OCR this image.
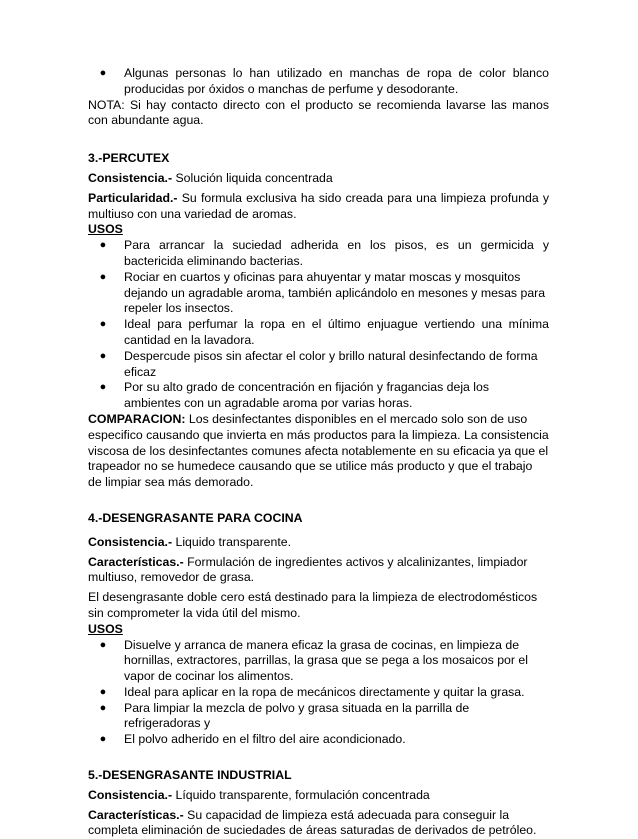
●	Algunas personas lo han utilizado en manchas de ropa de color blanco producidas por óxidos o manchas de perfume y desodorante.

NOTA: Si hay contacto directo con el producto se recomienda lavarse las manos con abundante agua.

3.-PERCUTEX

Consistencia.- Solución liquida concentrada

Particularidad.- Su formula exclusiva ha sido creada para una limpieza profunda y multiuso con una variedad de aromas.

USOS

●	Para arrancar la suciedad adherida en los pisos, es un germicida y bactericida eliminando bacterias.
●	Rociar en cuartos y oficinas para ahuyentar y matar moscas y mosquitos dejando un agradable aroma, también aplicándolo en mesones y mesas para repeler los insectos.
●	Ideal para perfumar la ropa en el último enjuague vertiendo una mínima cantidad en la lavadora.
●	Despercude pisos sin afectar el color y brillo natural desinfectando de forma eficaz
●	Por su alto grado de concentración en fijación y fragancias deja los ambientes con un agradable aroma por varias horas.

COMPARACION: Los desinfectantes disponibles en el mercado solo son de uso especifico causando que invierta en más productos para la limpieza. La consistencia viscosa de los desinfectantes comunes afecta notablemente en su eficacia ya que el trapeador no se humedece causando que se utilice más producto y que el trabajo de limpiar sea más demorado.

4.-DESENGRASANTE PARA COCINA

Consistencia.- Liquido transparente.

Características.- Formulación de ingredientes activos y alcalinizantes, limpiador multiuso, removedor de grasa.

El desengrasante doble cero está destinado para la limpieza de electrodomésticos sin comprometer la vida útil del mismo.

USOS

●	Disuelve y arranca de manera eficaz la grasa de cocinas, en limpieza de hornillas, extractores, parrillas, la grasa que se pega a los mosaicos por el vapor de cocinar los alimentos.
●	Ideal para aplicar en la ropa de mecánicos directamente y quitar la grasa.
●	Para limpiar la mezcla de polvo y grasa situada en la parrilla de refrigeradoras y
●	El polvo adherido en el filtro del aire acondicionado.

5.-DESENGRASANTE INDUSTRIAL

Consistencia.- Líquido transparente, formulación concentrada

Características.- Su capacidad de limpieza está adecuada para conseguir la completa eliminación de suciedades de áreas saturadas de derivados de petróleo.
